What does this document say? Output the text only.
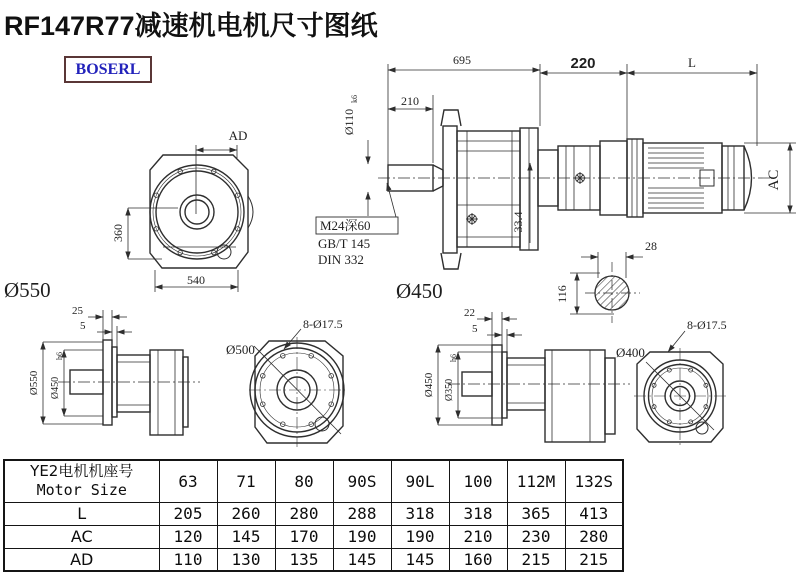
RF147R77减速机电机尺寸图纸
BOSERL
AD
360
540
Ø550
695	220	L
210
Ø110
k6
M24深60
GB/T 145
DIN 332
33.4
Ø450
AC
28
116
25
5
Ø550 Ø450
h6
8-Ø17.5
Ø500
22
5
Ø450 Ø350
h6
8-Ø17.5
Ø400
YE2电机机座号
Motor Size	63	71	80	90S	90L	100	112M	132S
L	205	260	280	288	318	318	365	413
AC	120	145	170	190	190	210	230	280
AD	110	130	135	145	145	160	215	215
